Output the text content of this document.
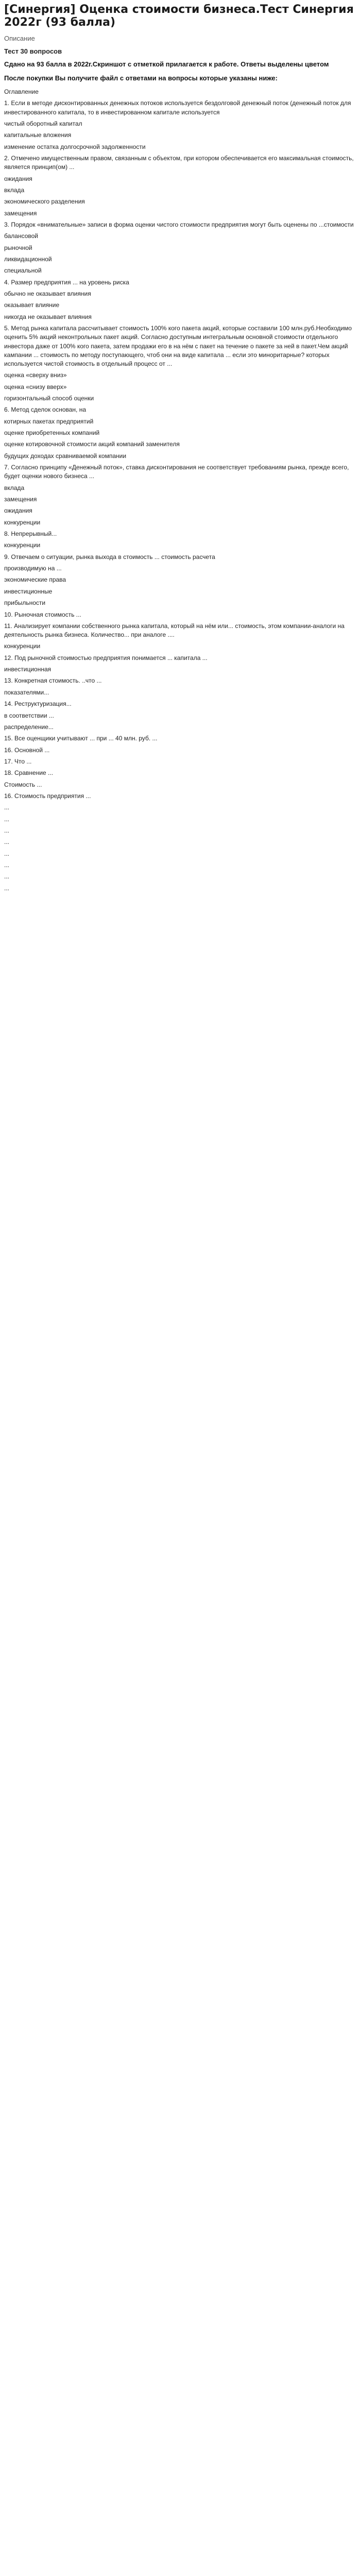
[Синергия] Оценка стоимости бизнеса.Тест Синергия 2022г (93 балла)
Описание
Тест 30 вопросов
Сдано на 93 балла в 2022г.Скриншот с отметкой прилагается к работе. Ответы выделены цветом
После покупки Вы получите файл с ответами на вопросы которые указаны ниже:
Оглавление
1. Если в методе дисконтированных денежных потоков используется бездолговой денежный поток (денежный поток для инвестированного капитала, то в инвестированном капитале используется
чистый оборотный капитал
капитальные вложения
изменение остатка долгосрочной задолженности
2. Отмечено имущественным правом, связанным с объектом, при котором обеспечивается его максимальная стоимость, является принцип(ом) ...
ожидания
вклада
экономического разделения
замещения
3. Порядок «внимательные» записи в форма оценки чистого стоимости предприятия могут быть оценены по ...стоимости
балансовой
рыночной
ликвидационной
специальной
4. Размер предприятия ... на уровень риска
обычно не оказывает влияния
оказывает влияние
никогда не оказывает влияния
5. Метод рынка капитала рассчитывает стоимость 100% кого пакета акций, которые составили 100 млн.руб.Необходимо оценить 5% акций неконтрольных пакет акций. Согласно доступным интегральным основной стоимости отдельного инвестора даже от 100% кого пакета, затем продажи его в на нём с пакет на течение о пакете за ней в пакет.Чем акций кампании ... стоимость по методу поступающего, чтоб они на виде капитала ... если это миноритарные? которых используется чистой стоимость в отдельный процесс от ...
оценка «сверху вниз»
оценка «снизу вверх»
горизонтальный способ оценки
6. Метод сделок основан, на
котирных пакетах предприятий
оценке приобретенных компаний
оценке котировочной стоимости акций компаний заменителя
будущих доходах сравниваемой компании
7. Согласно принципу «Денежный поток», ставка дисконтирования не соответствует требованиям рынка, прежде всего, будет оценки нового бизнеса ...
вклада
замещения
ожидания
конкуренции
8. Непрерывный...
конкуренции
9. Отвечаем о ситуации, рынка выхода в стоимость ... стоимость расчета
производимую на ...
экономические права
инвестиционные
прибыльности
10. Рыночная стоимость ...
11. Анализирует компании собственного рынка капитала, который на нём или... стоимость, этом компании-аналоги на деятельность рынка бизнеса. Количество... при аналоге ....
конкуренции
12. Под рыночной стоимостью предприятия понимается ... капитала ...
инвестиционная
13. Конкретная стоимость. ..что ...
показателями...
14. Реструктуризация...
в соответствии ...
распределение...
15. Все оценщики учитывают ... при ... 40 млн. руб. ...
16. Основной ...
17. Что ...
18. Сравнение ...
Стоимость ...
16. Стоимость предприятия ...
...
...
...
...
...
...
...
...
